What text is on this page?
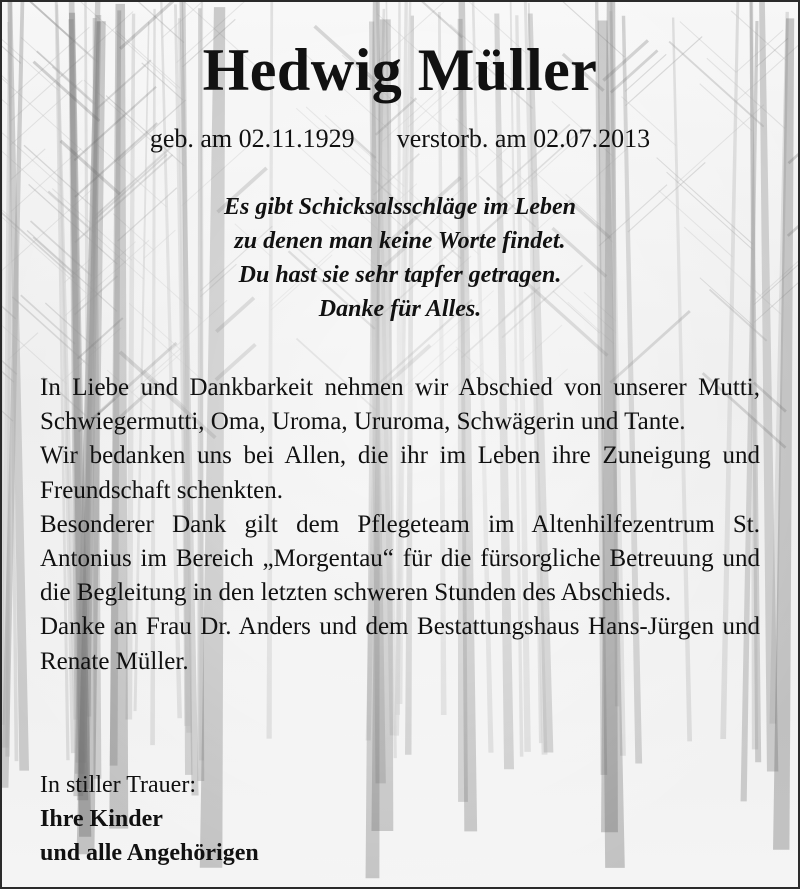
Hedwig Müller
geb. am 02.11.1929 verstorb. am 02.07.2013
Es gibt Schicksalsschläge im Leben
zu denen man keine Worte findet.
Du hast sie sehr tapfer getragen.
Danke für Alles.

In Liebe und Dankbarkeit nehmen wir Abschied von unserer Mutti, Schwiegermutti, Oma, Uroma, Ururoma, Schwägerin und Tante.

Wir bedanken uns bei Allen, die ihr im Leben ihre Zuneigung und Freundschaft schenkten.

Besonderer Dank gilt dem Pflegeteam im Altenhilfezentrum St. Antonius im Bereich „Morgentau“ für die fürsorgliche Betreuung und die Begleitung in den letzten schweren Stunden des Abschieds.

Danke an Frau Dr. Anders und dem Bestattungshaus Hans-Jürgen und Renate Müller.

In stiller Trauer:
Ihre Kinder
und alle Angehörigen
